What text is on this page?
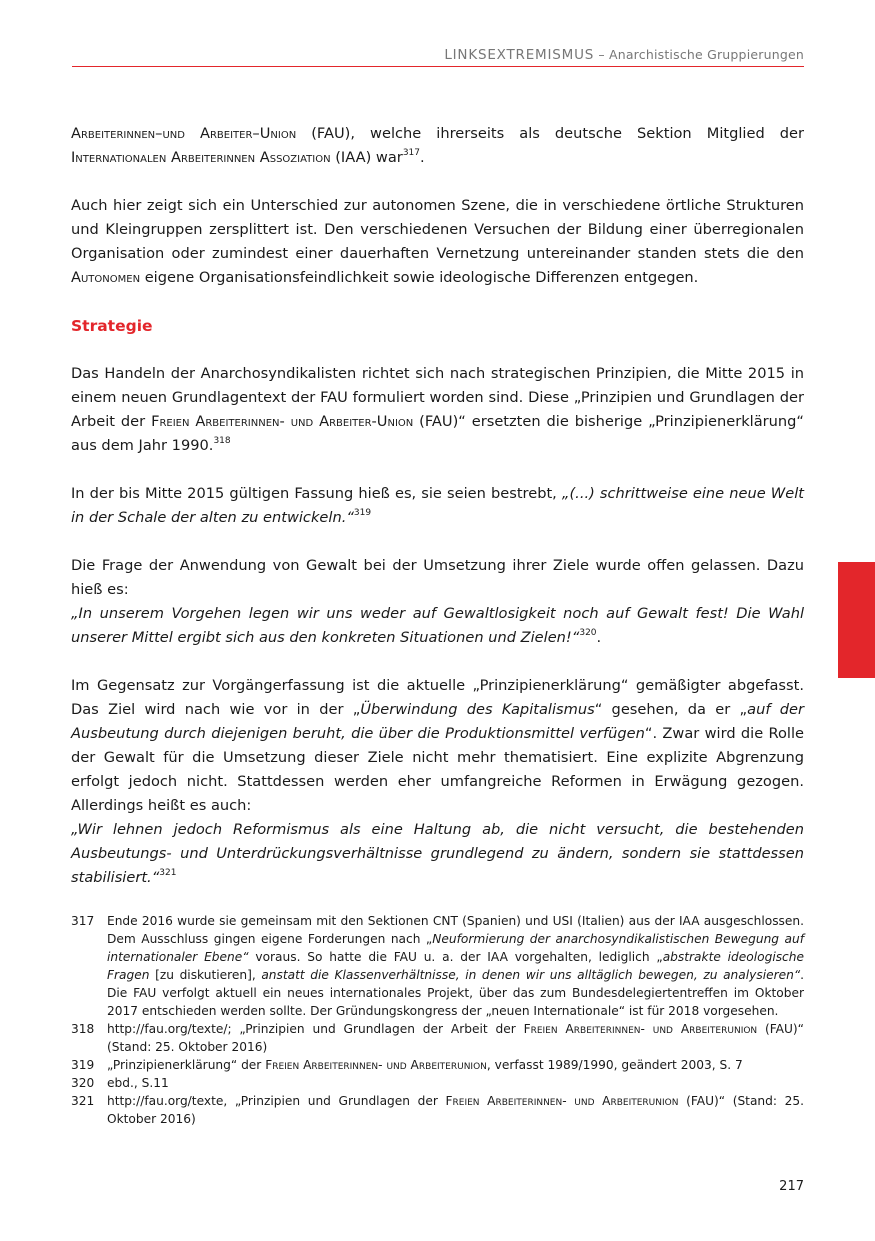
LINKSEXTREMISMUS – Anarchistische Gruppierungen

Arbeiterinnen–und Arbeiter–Union (FAU), welche ihrerseits als deutsche Sektion Mitglied der Internationalen Arbeiterinnen Assoziation (IAA) war$^{317}$.

Auch hier zeigt sich ein Unterschied zur autonomen Szene, die in verschiedene örtliche Strukturen und Kleingruppen zersplittert ist. Den verschiedenen Versuchen der Bildung einer überregionalen Organisation oder zumindest einer dauerhaften Vernetzung untereinander standen stets die den Autonomen eigene Organisationsfeindlichkeit sowie ideologische Differenzen entgegen.

Strategie

Das Handeln der Anarchosyndikalisten richtet sich nach strategischen Prinzipien, die Mitte 2015 in einem neuen Grundlagentext der FAU formuliert worden sind. Diese „Prinzipien und Grundlagen der Arbeit der Freien Arbeiterinnen- und Arbeiter-Union (FAU)“ ersetzten die bisherige „Prinzipienerklärung“ aus dem Jahr 1990.$^{318}$

In der bis Mitte 2015 gültigen Fassung hieß es, sie seien bestrebt, „(...) schrittweise eine neue Welt in der Schale der alten zu entwickeln.“$^{319}$

Die Frage der Anwendung von Gewalt bei der Umsetzung ihrer Ziele wurde offen gelassen. Dazu hieß es:

„In unserem Vorgehen legen wir uns weder auf Gewaltlosigkeit noch auf Gewalt fest! Die Wahl unserer Mittel ergibt sich aus den konkreten Situationen und Zielen!“$^{320}$.

Im Gegensatz zur Vorgängerfassung ist die aktuelle „Prinzipienerklärung“ gemäßigter abgefasst. Das Ziel wird nach wie vor in der „Überwindung des Kapitalismus“ gesehen, da er „auf der Ausbeutung durch diejenigen beruht, die über die Produktionsmittel verfügen“. Zwar wird die Rolle der Gewalt für die Umsetzung dieser Ziele nicht mehr thematisiert. Eine explizite Abgrenzung erfolgt jedoch nicht. Stattdessen werden eher umfangreiche Reformen in Erwägung gezogen. Allerdings heißt es auch:

„Wir lehnen jedoch Reformismus als eine Haltung ab, die nicht versucht, die bestehenden Ausbeutungs- und Unterdrückungsverhältnisse grundlegend zu ändern, sondern sie stattdessen stabilisiert.“$^{321}$

317	Ende 2016 wurde sie gemeinsam mit den Sektionen CNT (Spanien) und USI (Italien) aus der IAA ausgeschlossen. Dem Ausschluss gingen eigene Forderungen nach „Neuformierung der anarchosyndikalistischen Bewegung auf internationaler Ebene“ voraus. So hatte die FAU u. a. der IAA vorgehalten, lediglich „abstrakte ideologische Fragen [zu diskutieren], anstatt die Klassenverhältnisse, in denen wir uns alltäglich bewegen, zu analysieren“. Die FAU verfolgt aktuell ein neues internationales Projekt, über das zum Bundesdelegiertentreffen im Oktober 2017 entschieden werden sollte. Der Gründungskongress der „neuen Internationale“ ist für 2018 vorgesehen.
318	http://fau.org/texte/; „Prinzipien und Grundlagen der Arbeit der Freien Arbeiterinnen- und Arbeiterunion (FAU)“ (Stand: 25. Oktober 2016)
319	„Prinzipienerklärung“ der Freien Arbeiterinnen- und Arbeiterunion, verfasst 1989/1990, geändert 2003, S. 7
320	ebd., S.11
321	http://fau.org/texte, „Prinzipien und Grundlagen der Freien Arbeiterinnen- und Arbeiterunion (FAU)“ (Stand: 25. Oktober 2016)
217
